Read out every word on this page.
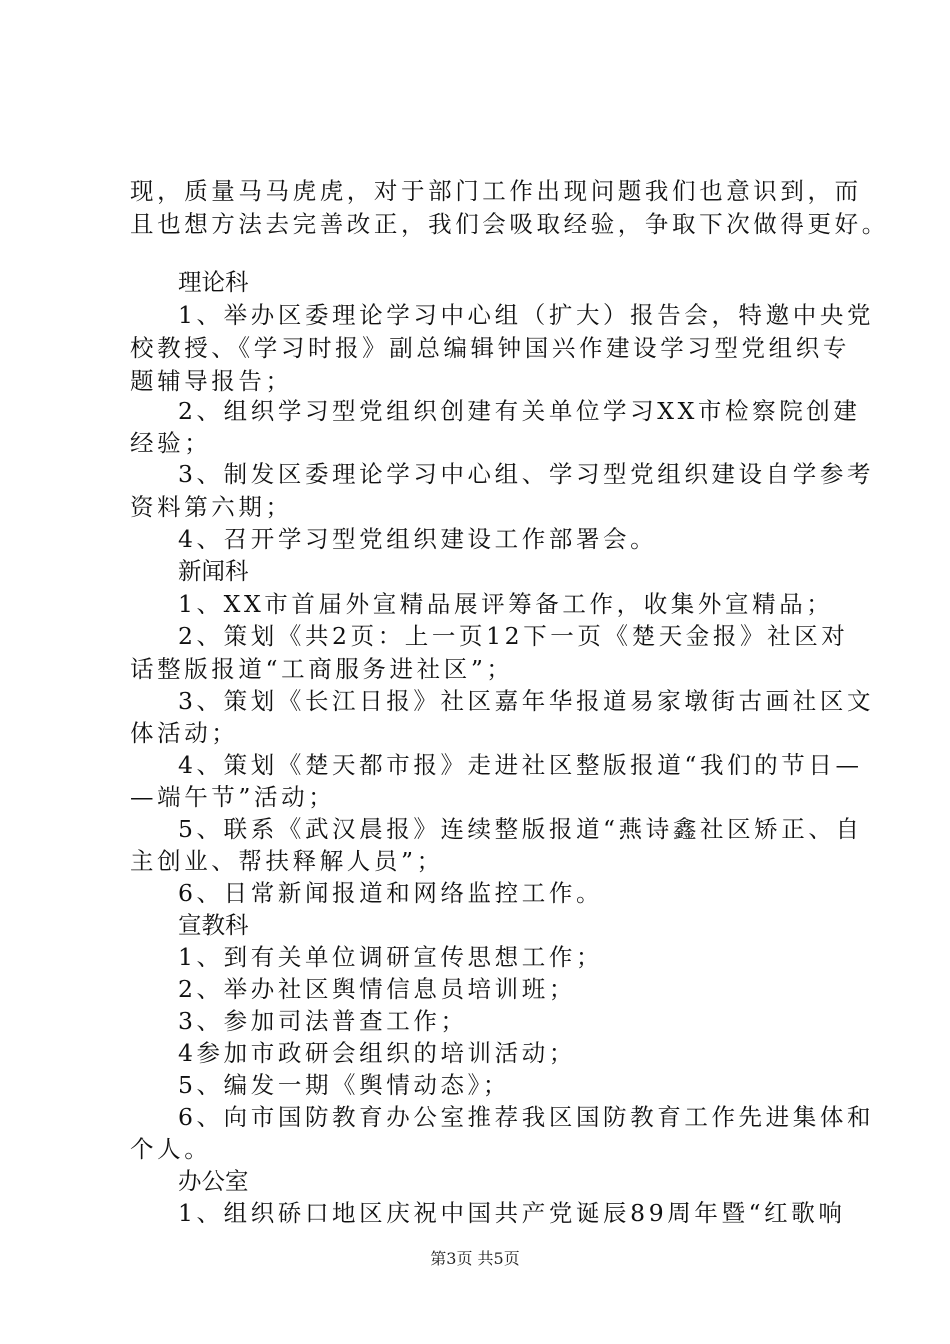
现，质量马马虎虎，对于部门工作出现问题我们也意识到，而

且也想方法去完善改正，我们会吸取经验，争取下次做得更好。

理论科

1、举办区委理论学习中心组（扩大）报告会，特邀中央党

校教授、《学习时报》副总编辑钟国兴作建设学习型党组织专

题辅导报告；

2、组织学习型党组织创建有关单位学习XX市检察院创建

经验；

3、制发区委理论学习中心组、学习型党组织建设自学参考

资料第六期；

4、召开学习型党组织建设工作部署会。

新闻科

1、XX市首届外宣精品展评筹备工作，收集外宣精品；

2、策划《共2页：上一页12下一页《楚天金报》社区对

话整版报道“工商服务进社区”；

3、策划《长江日报》社区嘉年华报道易家墩街古画社区文

体活动；

4、策划《楚天都市报》走进社区整版报道“我们的节日—

—端午节”活动；

5、联系《武汉晨报》连续整版报道“燕诗鑫社区矫正、自

主创业、帮扶释解人员”；

6、日常新闻报道和网络监控工作。

宣教科

1、到有关单位调研宣传思想工作；

2、举办社区舆情信息员培训班；

3、参加司法普查工作；

4参加市政研会组织的培训活动；

5、编发一期《舆情动态》；

6、向市国防教育办公室推荐我区国防教育工作先进集体和

个人。

办公室

1、组织硚口地区庆祝中国共产党诞辰89周年暨“红歌响

第3页 共5页
